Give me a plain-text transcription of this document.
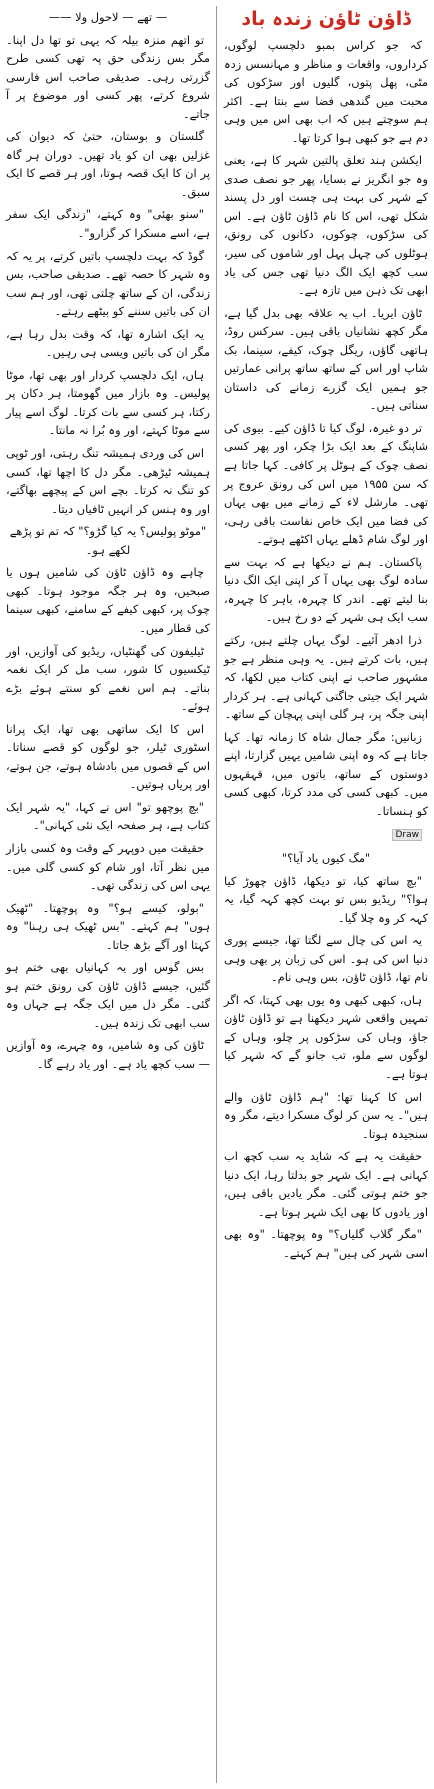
ڈاؤن ٹاؤن زندہ باد

کہ جو کراس بمبو دلچسپ لوگوں، کرداروں، واقعات و مناظر و مہانسس زدہ مٹی، پھل پتوں، گلیوں اور سڑکوں کی محبت میں گندھی فضا سے بنتا ہے۔ اکثر ہم سوچتے ہیں کہ اب بھی اس میں وہی دم ہے جو کبھی ہوا کرتا تھا۔

ایکشن ہند تعلق پالتین شہر کا ہے، یعنی وہ جو انگریز نے بسایا، پھر جو نصف صدی کے شہر کی بہت ہی چست اور دل پسند شکل تھی، اس کا نام ڈاؤن ٹاؤن ہے۔ اس کی سڑکوں، چوکوں، دکانوں کی رونق، ہوٹلوں کی چہل پہل اور شاموں کی سیر، سب کچھ ایک الگ دنیا تھی جس کی یاد ابھی تک ذہن میں تازہ ہے۔

ٹاؤن ایریا۔ اب یہ علاقہ بھی بدل گیا ہے، مگر کچھ نشانیاں باقی ہیں۔ سرکس روڈ، ہاتھی گاؤں، ریگل چوک، کیفے، سینما، بک شاپ اور اس کے ساتھ ساتھ پرانی عمارتیں جو ہمیں ایک گزرے زمانے کی داستان سناتی ہیں۔

تر دو غیرہ، لوگ کیا تا ڈاؤن کیے۔ بیوی کی شاپنگ کے بعد ایک بڑا چکر، اور پھر کسی نصف چوک کے ہوٹل پر کافی۔ کہا جاتا ہے کہ سن ۱۹۵۵ میں اس کی رونق عروج پر تھی۔ مارشل لاء کے زمانے میں بھی یہاں کی فضا میں ایک خاص نفاست باقی رہی، اور لوگ شام ڈھلے یہاں اکٹھے ہوتے۔

پاکستان۔ ہم نے دیکھا ہے کہ بہت سے سادہ لوگ بھی یہاں آ کر اپنی ایک الگ دنیا بنا لیتے تھے۔ اندر کا چہرہ، باہر کا چہرہ، سب ایک ہی شہر کے دو رخ ہیں۔

ذرا ادھر آئیے۔ لوگ یہاں چلتے ہیں، رکتے ہیں، بات کرتے ہیں۔ یہ وہی منظر ہے جو مشہور صاحب نے اپنی کتاب میں لکھا، کہ شہر ایک جیتی جاگتی کہانی ہے۔ ہر کردار اپنی جگہ پر، ہر گلی اپنی پہچان کے ساتھ۔

زبانیں: مگر جمال شاہ کا زمانہ تھا۔ کہا جاتا ہے کہ وہ اپنی شامیں یہیں گزارتا، اپنے دوستوں کے ساتھ، باتوں میں، قہقہوں میں۔ کبھی کسی کی مدد کرتا، کبھی کسی کو ہنساتا۔

Draw

"مگ کیوں یاد آیا؟"

"بچ ساتھ کیا، تو دیکھا، ڈاؤن چھوڑ کیا ہوا؟" ریڈیو بس تو بہت کچھ کہہ گیا، یہ کہہ کر وہ چلا گیا۔

یہ اس کی چال سے لگتا تھا، جیسے پوری دنیا اس کی ہو۔ اس کی زبان پر بھی وہی نام تھا، ڈاؤن ٹاؤن، بس وہی نام۔

ہاں، کبھی کبھی وہ یوں بھی کہتا، کہ اگر تمہیں واقعی شہر دیکھنا ہے تو ڈاؤن ٹاؤن جاؤ، وہاں کی سڑکوں پر چلو، وہاں کے لوگوں سے ملو، تب جانو گے کہ شہر کیا ہوتا ہے۔

اس کا کہنا تھا: "ہم ڈاؤن ٹاؤن والے ہیں"۔ یہ سن کر لوگ مسکرا دیتے، مگر وہ سنجیدہ ہوتا۔

حقیقت یہ ہے کہ شاید یہ سب کچھ اب کہانی ہے۔ ایک شہر جو بدلتا رہا، ایک دنیا جو ختم ہوتی گئی۔ مگر یادیں باقی ہیں، اور یادوں کا بھی ایک شہر ہوتا ہے۔

"مگر گلاب گلیاں؟" وہ پوچھتا۔ "وہ بھی اسی شہر کی ہیں" ہم کہتے۔

— تھے — لاحول ولا ——

تو اتھم منزہ بیلہ کہ یہی تو تھا دل اپنا۔ مگر بس زندگی حق پہ تھی کسی طرح گزرتی رہی۔ صدیقی صاحب اس فارسی شروع کرتے، پھر کسی اور موضوع پر آ جاتے۔

گلستان و بوستان، حتیٰ کہ دیوان کی غزلیں بھی ان کو یاد تھیں۔ دوران ہر گاہ پر ان کا ایک قصہ ہوتا، اور ہر قصے کا ایک سبق۔

"سنو بھئی" وہ کہتے، "زندگی ایک سفر ہے، اسے مسکرا کر گزارو"۔

گوڈ کہ بہت دلچسپ باتیں کرتے، پر یہ کہ وہ شہر کا حصہ تھے۔ صدیقی صاحب، بس زندگی، ان کے ساتھ چلتی تھی، اور ہم سب ان کی باتیں سننے کو بیٹھے رہتے۔

یہ ایک اشارہ تھا، کہ وقت بدل رہا ہے، مگر ان کی باتیں ویسی ہی رہیں۔

ہاں، ایک دلچسپ کردار اور بھی تھا، موٹا پولیس۔ وہ بازار میں گھومتا، ہر دکان پر رکتا، ہر کسی سے بات کرتا۔ لوگ اسے پیار سے موٹا کہتے، اور وہ بُرا نہ مانتا۔

اس کی وردی ہمیشہ تنگ رہتی، اور ٹوپی ہمیشہ ٹیڑھی۔ مگر دل کا اچھا تھا، کسی کو تنگ نہ کرتا۔ بچے اس کے پیچھے بھاگتے، اور وہ ہنس کر انہیں ٹافیاں دیتا۔

"موٹو پولیس؟ یہ کیا گڑو؟" کہ تم تو پڑھے لکھے ہو۔

چاہے وہ ڈاؤن ٹاؤن کی شامیں ہوں یا صبحیں، وہ ہر جگہ موجود ہوتا۔ کبھی چوک پر، کبھی کیفے کے سامنے، کبھی سینما کی قطار میں۔

ٹیلیفون کی گھنٹیاں، ریڈیو کی آوازیں، اور ٹیکسیوں کا شور، سب مل کر ایک نغمہ بناتے۔ ہم اس نغمے کو سنتے ہوئے بڑے ہوئے۔

اس کا ایک ساتھی بھی تھا، ایک پرانا اسٹوری ٹیلر، جو لوگوں کو قصے سناتا۔ اس کے قصوں میں بادشاہ ہوتے، جن ہوتے، اور پریاں ہوتیں۔

"بچ پوچھو تو" اس نے کہا، "یہ شہر ایک کتاب ہے، ہر صفحہ ایک نئی کہانی"۔

حقیقت میں دوپہر کے وقت وہ کسی بازار میں نظر آتا، اور شام کو کسی گلی میں۔ یہی اس کی زندگی تھی۔

"بولو، کیسے ہو؟" وہ پوچھتا۔ "ٹھیک ہوں" ہم کہتے۔ "بس ٹھیک ہی رہنا" وہ کہتا اور آگے بڑھ جاتا۔

بس گوس اور یہ کہانیاں بھی ختم ہو گئیں، جیسے ڈاؤن ٹاؤن کی رونق ختم ہو گئی۔ مگر دل میں ایک جگہ ہے جہاں وہ سب ابھی تک زندہ ہیں۔

ٹاؤن کی وہ شامیں، وہ چہرے، وہ آوازیں — سب کچھ یاد ہے۔ اور یاد رہے گا۔
